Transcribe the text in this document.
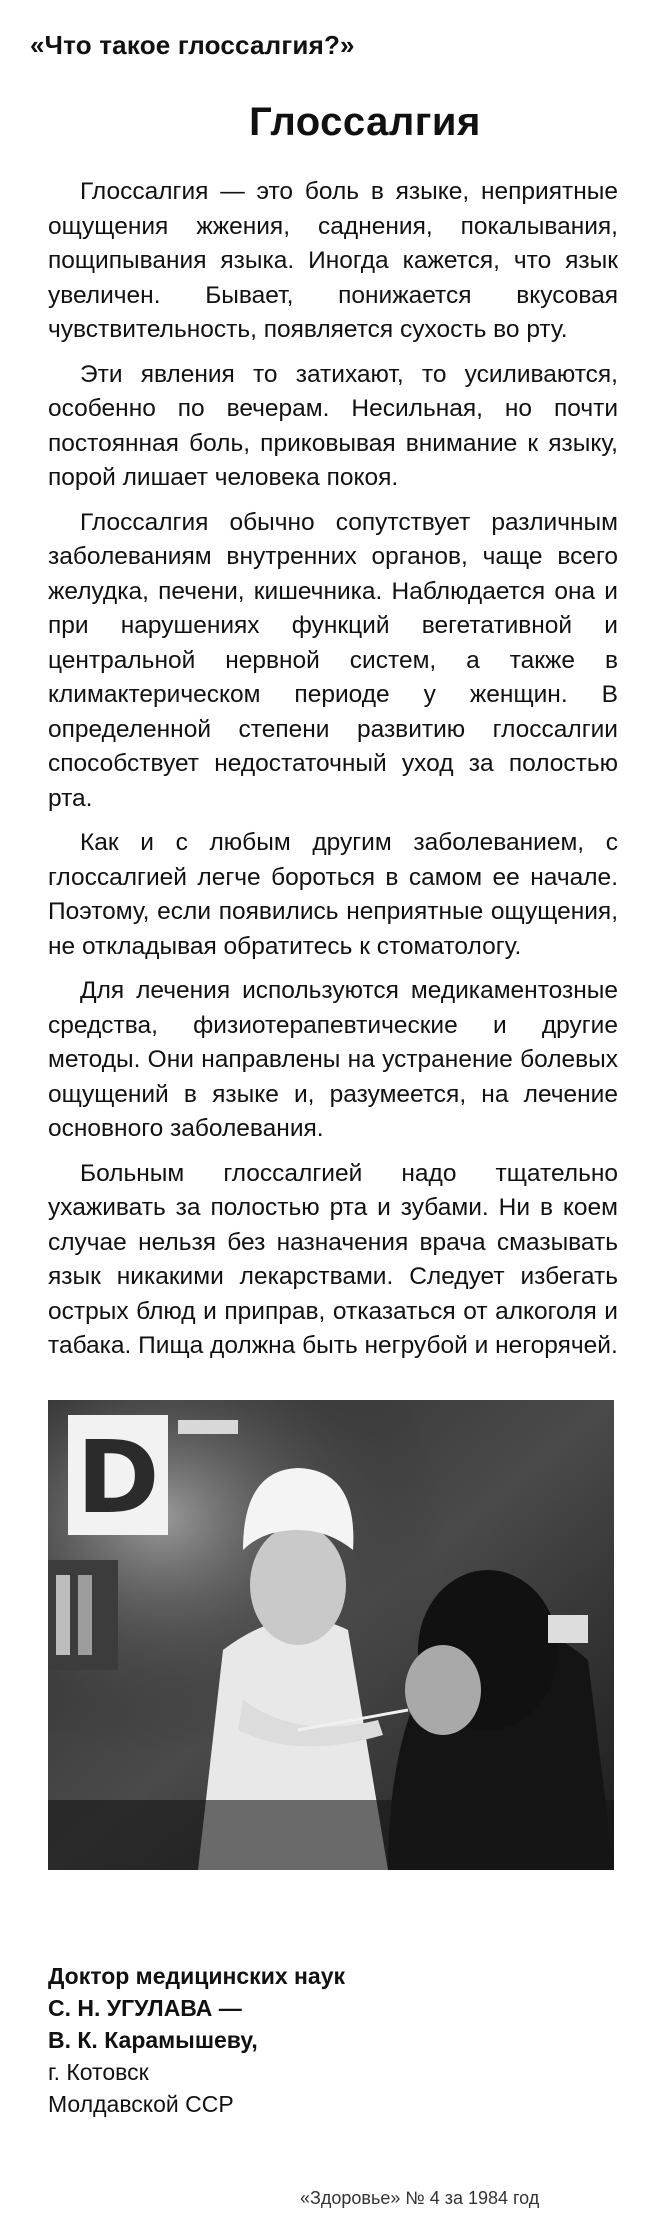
«Что такое глоссалгия?»
Глоссалгия

Глоссалгия — это боль в языке, неприятные ощущения жжения, саднения, покалывания, пощипывания языка. Иногда кажется, что язык увеличен. Бывает, понижается вкусовая чувствительность, появляется сухость во рту.

Эти явления то затихают, то усиливаются, особенно по вечерам. Несильная, но почти постоянная боль, приковывая внимание к языку, порой лишает человека покоя.

Глоссалгия обычно сопутствует различным заболеваниям внутренних органов, чаще всего желудка, печени, кишечника. Наблюдается она и при нарушениях функций вегетативной и центральной нервной систем, а также в климактерическом периоде у женщин. В определенной степени развитию глоссалгии способствует недостаточный уход за полостью рта.

Как и с любым другим заболеванием, с глоссалгией легче бороться в самом ее начале. Поэтому, если появились неприятные ощущения, не откладывая обратитесь к стоматологу.

Для лечения используются медикаментозные средства, физиотерапевтические и другие методы. Они направлены на устранение болевых ощущений в языке и, разумеется, на лечение основного заболевания.

Больным глоссалгией надо тщательно ухаживать за полостью рта и зубами. Ни в коем случае нельзя без назначения врача смазывать язык никакими лекарствами. Следует избегать острых блюд и приправ, отказаться от алкоголя и табака. Пища должна быть негрубой и негорячей.

D
Доктор медицинских наук
С. Н. УГУЛАВА —
В. К. Карамышеву,
г. Котовск
Молдавской ССР
«Здоровье» № 4 за 1984 год
